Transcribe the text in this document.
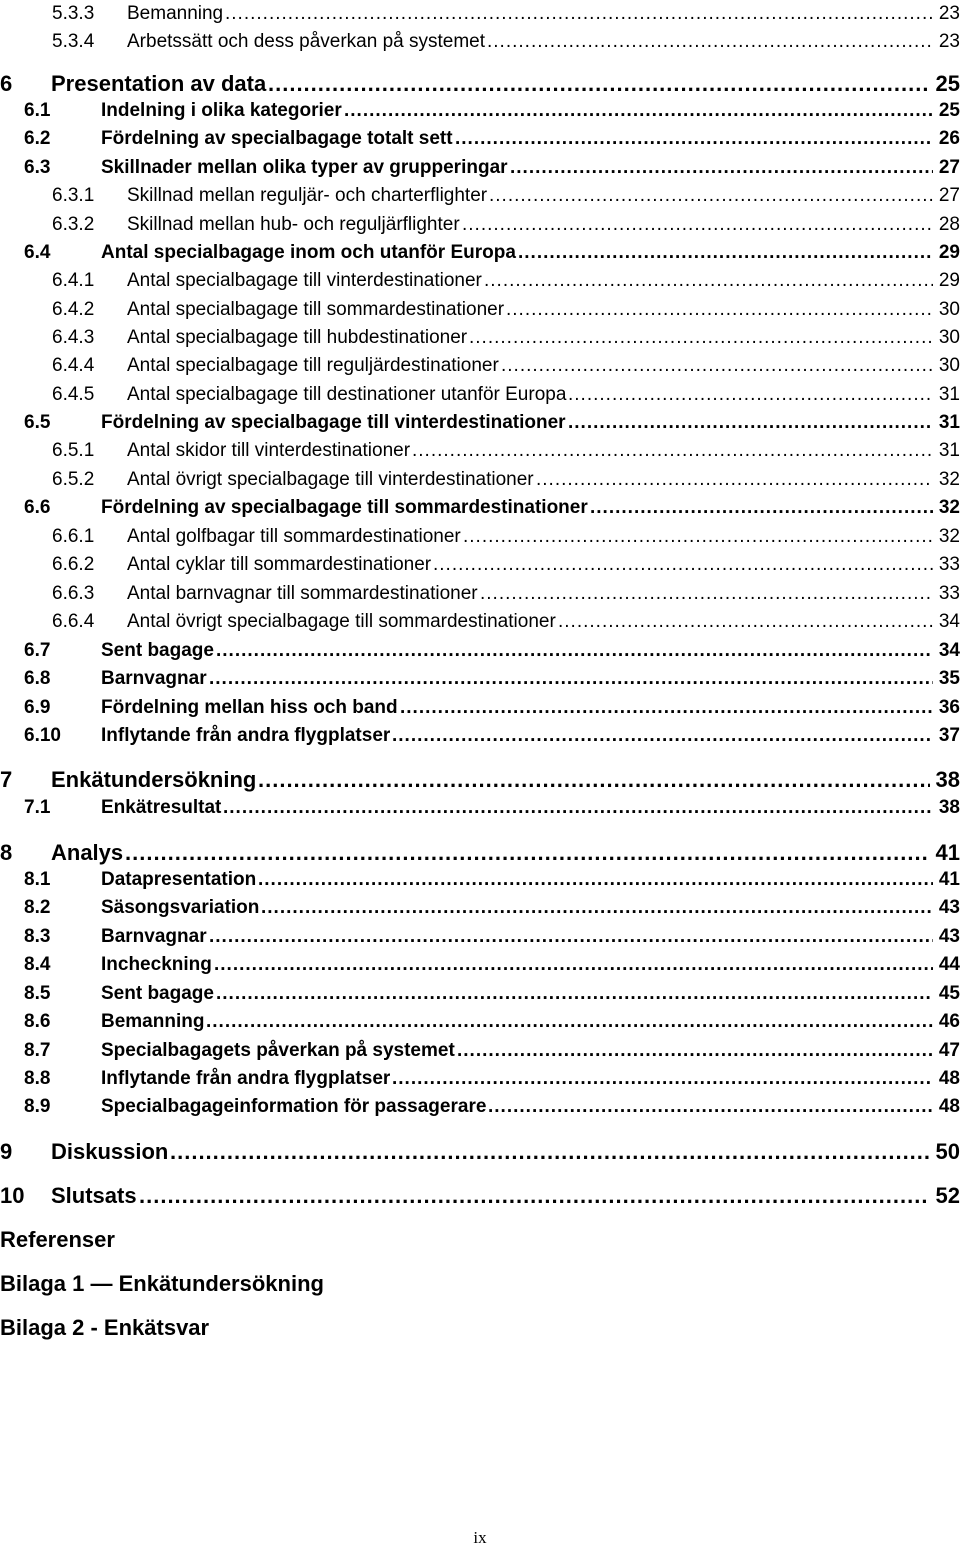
5.3.3 Bemanning .....	23
5.3.4 Arbetssätt och dess påverkan på systemet .....	23
6 Presentation av data .....	25
6.1	Indelning i olika kategorier .....	25
6.2	Fördelning av specialbagage totalt sett .....	26
6.3	Skillnader mellan olika typer av grupperingar .....	27
6.3.1 Skillnad mellan reguljär- och charterflighter .....	27
6.3.2 Skillnad mellan hub- och reguljärflighter .....	28
6.4	Antal specialbagage inom och utanför Europa .....	29
6.4.1 Antal specialbagage till vinterdestinationer .....	29
6.4.2 Antal specialbagage till sommardestinationer .....	30
6.4.3 Antal specialbagage till hubdestinationer .....	30
6.4.4 Antal specialbagage till reguljärdestinationer .....	30
6.4.5 Antal specialbagage till destinationer utanför Europa .....	31
6.5	Fördelning av specialbagage till vinterdestinationer .....	31
6.5.1 Antal skidor till vinterdestinationer .....	31
6.5.2 Antal övrigt specialbagage till vinterdestinationer .....	32
6.6	Fördelning av specialbagage till sommardestinationer .....	32
6.6.1 Antal golfbagar till sommardestinationer .....	32
6.6.2 Antal cyklar till sommardestinationer .....	33
6.6.3 Antal barnvagnar till sommardestinationer .....	33
6.6.4 Antal övrigt specialbagage till sommardestinationer .....	34
6.7	Sent bagage .....	34
6.8	Barnvagnar .....	35
6.9	Fördelning mellan hiss och band .....	36
6.10 Inflytande från andra flygplatser .....	37
7 Enkätundersökning .....	38
7.1	Enkätresultat .....	38
8 Analys .....	41
8.1	Datapresentation .....	41
8.2	Säsongsvariation .....	43
8.3	Barnvagnar .....	43
8.4	Incheckning .....	44
8.5	Sent bagage .....	45
8.6	Bemanning .....	46
8.7	Specialbagagets påverkan på systemet .....	47
8.8	Inflytande från andra flygplatser .....	48
8.9	Specialbagageinformation för passagerare .....	48
9 Diskussion .....	50
10 Slutsats .....	52
Referenser
Bilaga 1 — Enkätundersökning
Bilaga 2 - Enkätsvar
ix
